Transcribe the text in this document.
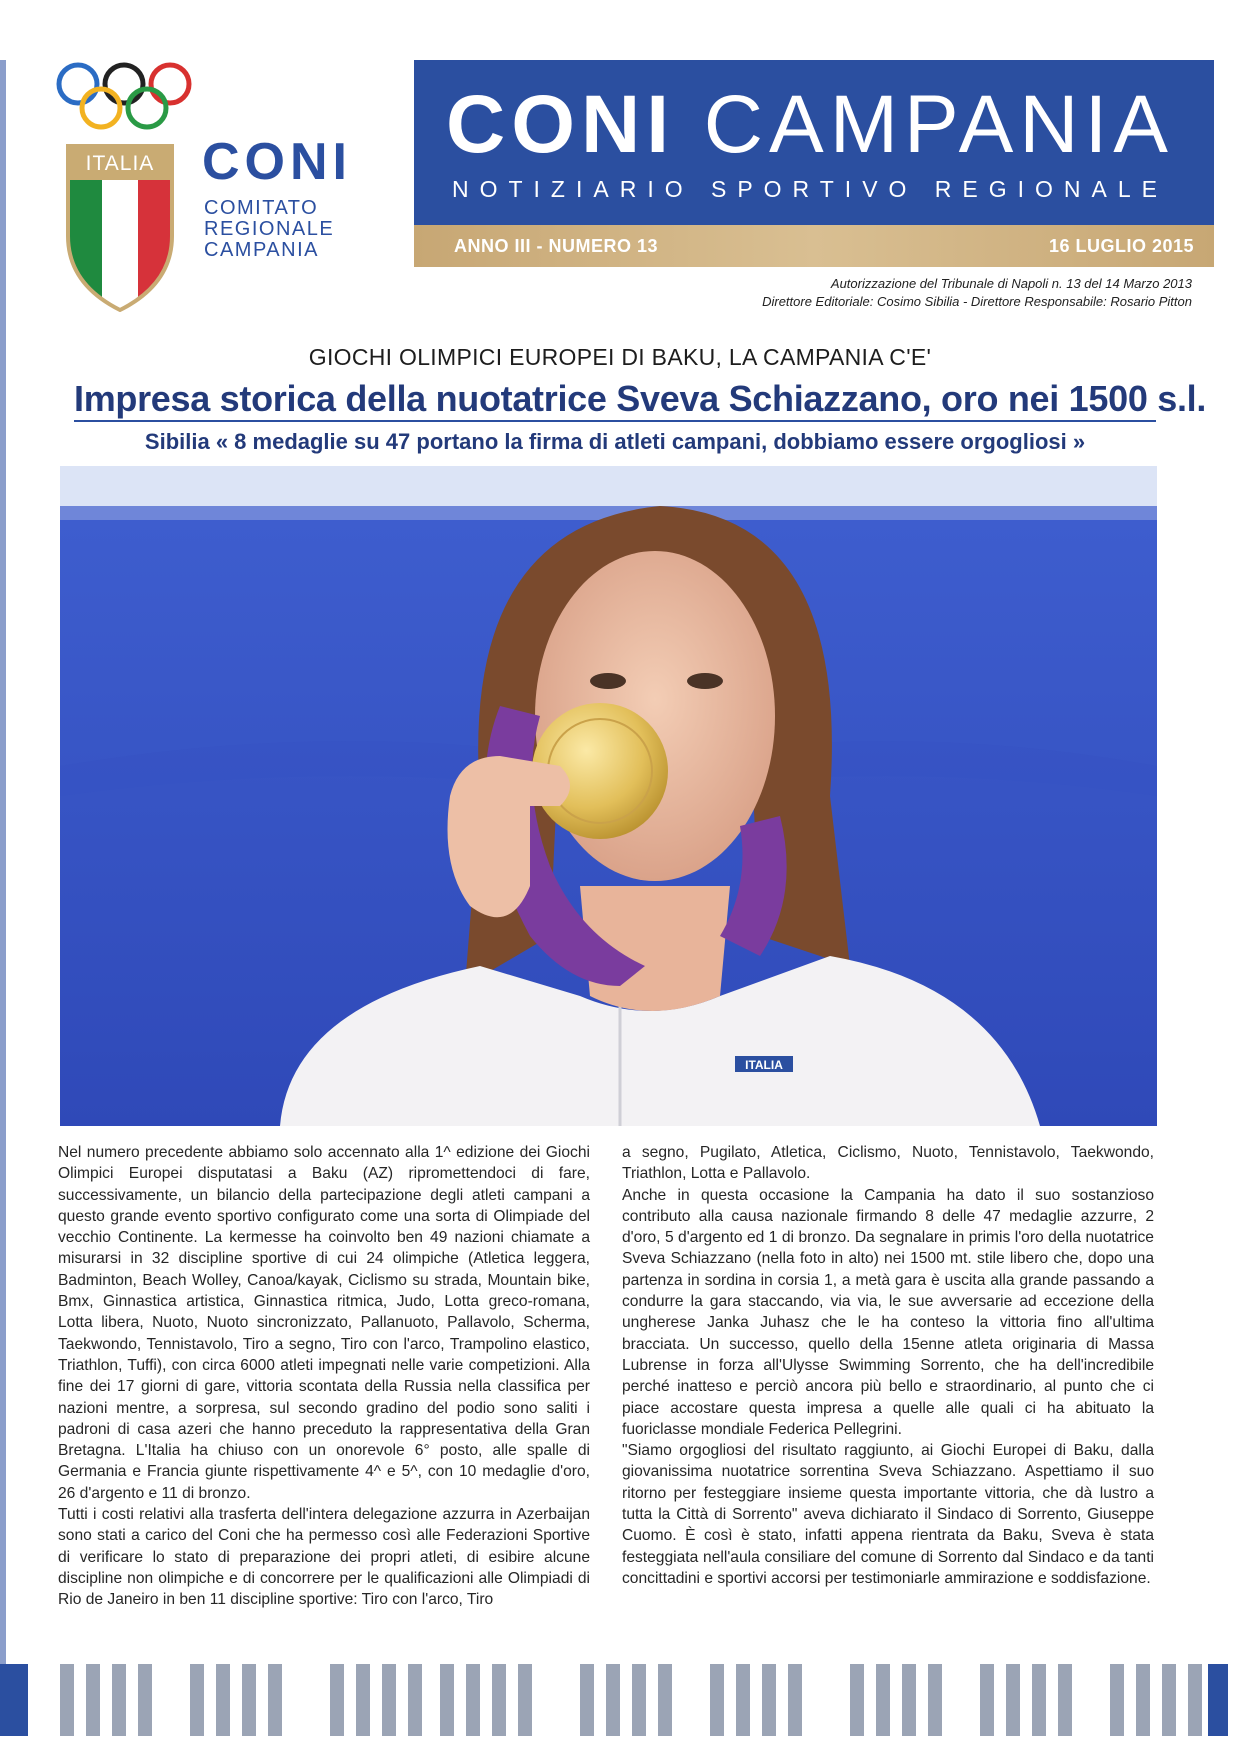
ITALIA CONI
COMITATO
REGIONALE
CAMPANIA
CONI CAMPANIA
NOTIZIARIO SPORTIVO REGIONALE
ANNO III - NUMERO 13	16 LUGLIO 2015
Autorizzazione del Tribunale di Napoli n. 13 del 14 Marzo 2013
Direttore Editoriale: Cosimo Sibilia - Direttore Responsabile: Rosario Pitton
GIOCHI OLIMPICI EUROPEI DI BAKU, LA CAMPANIA C'E'
Impresa storica della nuotatrice Sveva Schiazzano, oro nei 1500 s.l.
Sibilia « 8 medaglie su 47 portano la firma di atleti campani, dobbiamo essere orgogliosi »
ITALIA

Nel numero precedente abbiamo solo accennato alla 1^ edizione dei Giochi Olimpici Europei disputatasi a Baku (AZ) ripromettendoci di fare, successivamente, un bilancio della partecipazione degli atleti campani a questo grande evento sportivo configurato come una sorta di Olimpiade del vecchio Continente. La kermesse ha coinvolto ben 49 nazioni chiamate a misurarsi in 32 discipline sportive di cui 24 olimpiche (Atletica leggera, Badminton, Beach Wolley, Canoa/kayak, Ciclismo su strada, Mountain bike, Bmx, Ginnastica artistica, Ginnastica ritmica, Judo, Lotta greco-romana, Lotta libera, Nuoto, Nuoto sincronizzato, Pallanuoto, Pallavolo, Scherma, Taekwondo, Tennistavolo, Tiro a segno, Tiro con l'arco, Trampolino elastico, Triathlon, Tuffi), con circa 6000 atleti impegnati nelle varie competizioni. Alla fine dei 17 giorni di gare, vittoria scontata della Russia nella classifica per nazioni mentre, a sorpresa, sul secondo gradino del podio sono saliti i padroni di casa azeri che hanno preceduto la rappresentativa della Gran Bretagna. L'Italia ha chiuso con un onorevole 6° posto, alle spalle di Germania e Francia giunte rispettivamente 4^ e 5^, con 10 medaglie d'oro, 26 d'argento e 11 di bronzo.

Tutti i costi relativi alla trasferta dell'intera delegazione azzurra in Azerbaijan sono stati a carico del Coni che ha permesso così alle Federazioni Sportive di verificare lo stato di preparazione dei propri atleti, di esibire alcune discipline non olimpiche e di concorrere per le qualificazioni alle Olimpiadi di Rio de Janeiro in ben 11 discipline sportive: Tiro con l'arco, Tiro

a segno, Pugilato, Atletica, Ciclismo, Nuoto, Tennistavolo, Taekwondo, Triathlon, Lotta e Pallavolo.

Anche in questa occasione la Campania ha dato il suo sostanzioso contributo alla causa nazionale firmando 8 delle 47 medaglie azzurre, 2 d'oro, 5 d'argento ed 1 di bronzo. Da segnalare in primis l'oro della nuotatrice Sveva Schiazzano (nella foto in alto) nei 1500 mt. stile libero che, dopo una partenza in sordina in corsia 1, a metà gara è uscita alla grande passando a condurre la gara staccando, via via, le sue avversarie ad eccezione della ungherese Janka Juhasz che le ha conteso la vittoria fino all'ultima bracciata. Un successo, quello della 15enne atleta originaria di Massa Lubrense in forza all'Ulysse Swimming Sorrento, che ha dell'incredibile perché inatteso e perciò ancora più bello e straordinario, al punto che ci piace accostare questa impresa a quelle alle quali ci ha abituato la fuoriclasse mondiale Federica Pellegrini.

"Siamo orgogliosi del risultato raggiunto, ai Giochi Europei di Baku, dalla giovanissima nuotatrice sorrentina Sveva Schiazzano. Aspettiamo il suo ritorno per festeggiare insieme questa importante vittoria, che dà lustro a tutta la Città di Sorrento" aveva dichiarato il Sindaco di Sorrento, Giuseppe Cuomo. È così è stato, infatti appena rientrata da Baku, Sveva è stata festeggiata nell'aula consiliare del comune di Sorrento dal Sindaco e da tanti concittadini e sportivi accorsi per testimoniarle ammirazione e soddisfazione.
